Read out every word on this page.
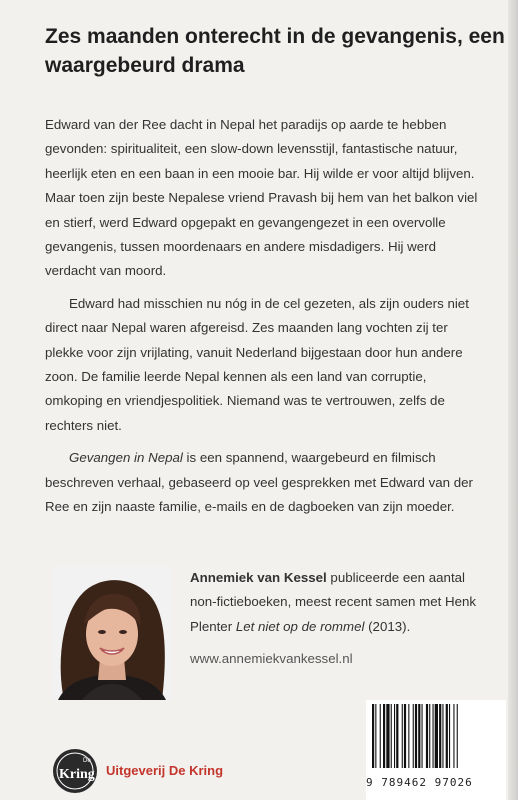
Zes maanden onterecht in de gevangenis, een waargebeurd drama

Edward van der Ree dacht in Nepal het paradijs op aarde te hebben gevonden: spiritualiteit, een slow-down levensstijl, fantastische natuur, heerlijk eten en een baan in een mooie bar. Hij wilde er voor altijd blijven. Maar toen zijn beste Nepalese vriend Pravash bij hem van het balkon viel en stierf, werd Edward opgepakt en gevangengezet in een overvolle gevangenis, tussen moordenaars en andere misdadigers. Hij werd verdacht van moord.

Edward had misschien nu nóg in de cel gezeten, als zijn ouders niet direct naar Nepal waren afgereisd. Zes maanden lang vochten zij ter plekke voor zijn vrijlating, vanuit Nederland bijgestaan door hun andere zoon. De familie leerde Nepal kennen als een land van corruptie, omkoping en vriendjespolitiek. Niemand was te vertrouwen, zelfs de rechters niet.

Gevangen in Nepal is een spannend, waargebeurd en filmisch beschreven verhaal, gebaseerd op veel gesprekken met Edward van der Ree en zijn naaste familie, e-mails en de dagboeken van zijn moeder.

Annemiek van Kessel publiceerde een aantal non-fictieboeken, meest recent samen met Henk Plenter Let niet op de rommel (2013).

www.annemiekvankessel.nl

De
Kring Uitgeverij De Kring
9 789462 97026
